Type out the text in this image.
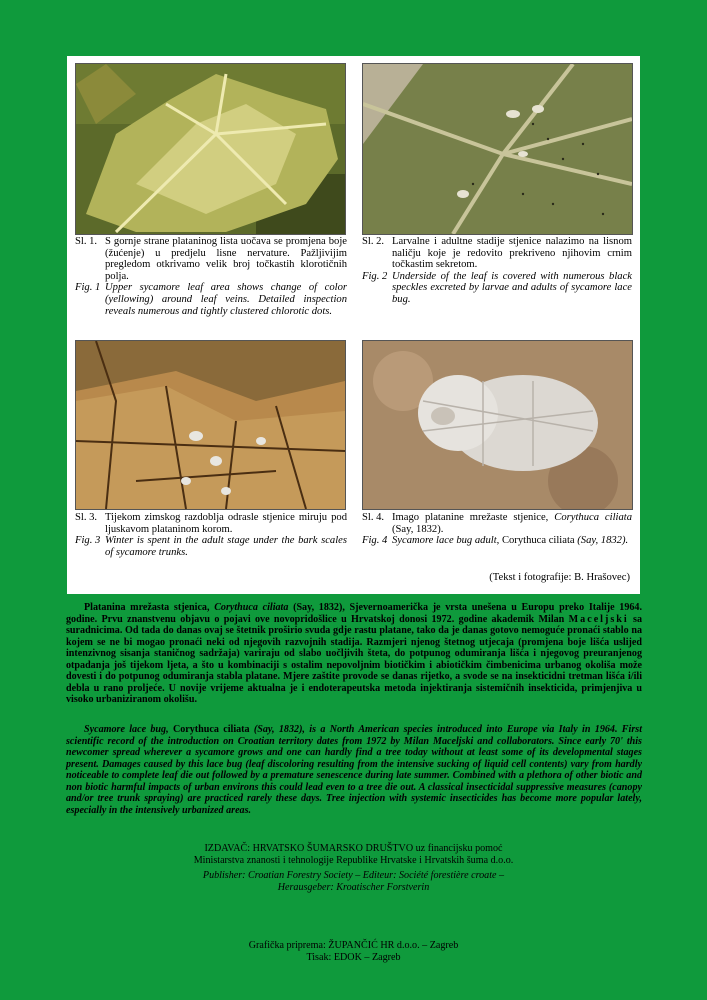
Sl. 1. S gornje strane plataninog lista uočava se promjena boje (žućenje) u predjelu lisne nervature. Pažljivijim pregledom otkrivamo velik broj točkastih klorotičnih polja.
Fig. 1 Upper sycamore leaf area shows change of color (yellowing) around leaf veins. Detailed inspection reveals numerous and tightly clustered chlorotic dots.
Sl. 2. Larvalne i adultne stadije stjenice nalazimo na lisnom naličju koje je redovito prekriveno njihovim crnim točkastim sekretom.
Fig. 2 Underside of the leaf is covered with numerous black speckles excreted by larvae and adults of sycamore lace bug.
Sl. 3. Tijekom zimskog razdoblja odrasle stjenice miruju pod ljuskavom plataninom korom.
Fig. 3 Winter is spent in the adult stage under the bark scales of sycamore trunks.
Sl. 4. Imago platanine mrežaste stjenice, Corythuca ciliata (Say, 1832).
Fig. 4 Sycamore lace bug adult, Corythuca ciliata (Say, 1832).
(Tekst i fotografije: B. Hrašovec)
Platanina mrežasta stjenica, Corythuca ciliata (Say, 1832), Sjevernoamerička je vrsta unešena u Europu preko Italije 1964. godine. Prvu znanstvenu objavu o pojavi ove novopridošlice u Hrvatskoj donosi 1972. godine akademik Milan Maceljski sa suradnicima. Od tada do danas ovaj se štetnik proširio svuda gdje rastu platane, tako da je danas gotovo nemoguće pronaći stablo na kojem se ne bi mogao pronaći neki od njegovih razvojnih stadija. Razmjeri njenog štetnog utjecaja (promjena boje lišća uslijed intenzivnog sisanja staničnog sadržaja) variraju od slabo uočljivih šteta, do potpunog odumiranja lišća i njegovog preuranjenog otpadanja još tijekom ljeta, a što u kombinaciji s ostalim nepovoljnim biotičkim i abiotičkim čimbenicima urbanog okoliša može dovesti i do potpunog odumiranja stabla platane. Mjere zaštite provode se danas rijetko, a svode se na insekticidni tretman lišća i/ili debla u rano proljeće. U novije vrijeme aktualna je i endoterapeutska metoda injektiranja sistemičnih insekticida, primjenjiva u visoko urbaniziranom okolišu.
Sycamore lace bug, Corythuca ciliata (Say, 1832), is a North American species introduced into Europe via Italy in 1964. First scientific record of the introduction on Croatian territory dates from 1972 by Milan Maceljski and collaborators. Since early 70' this newcomer spread wherever a sycamore grows and one can hardly find a tree today without at least some of its developmental stages present. Damages caused by this lace bug (leaf discoloring resulting from the intensive sucking of liquid cell contents) vary from hardly noticeable to complete leaf die out followed by a premature senescence during late summer. Combined with a plethora of other biotic and non biotic harmful impacts of urban environs this could lead even to a tree die out. A classical insecticidal suppressive measures (canopy and/or tree trunk spraying) are practiced rarely these days. Tree injection with systemic insecticides has become more popular lately, especially in the intensively urbanized areas.
IZDAVAČ: HRVATSKO ŠUMARSKO DRUŠTVO uz financijsku pomoć
Ministarstva znanosti i tehnologije Republike Hrvatske i Hrvatskih šuma d.o.o.
Publisher: Croatian Forestry Society – Editeur: Société forestière croate –
Herausgeber: Kroatischer Forstverin
Grafička priprema: ŽUPANČIĆ HR d.o.o. – Zagreb
Tisak: EDOK – Zagreb
